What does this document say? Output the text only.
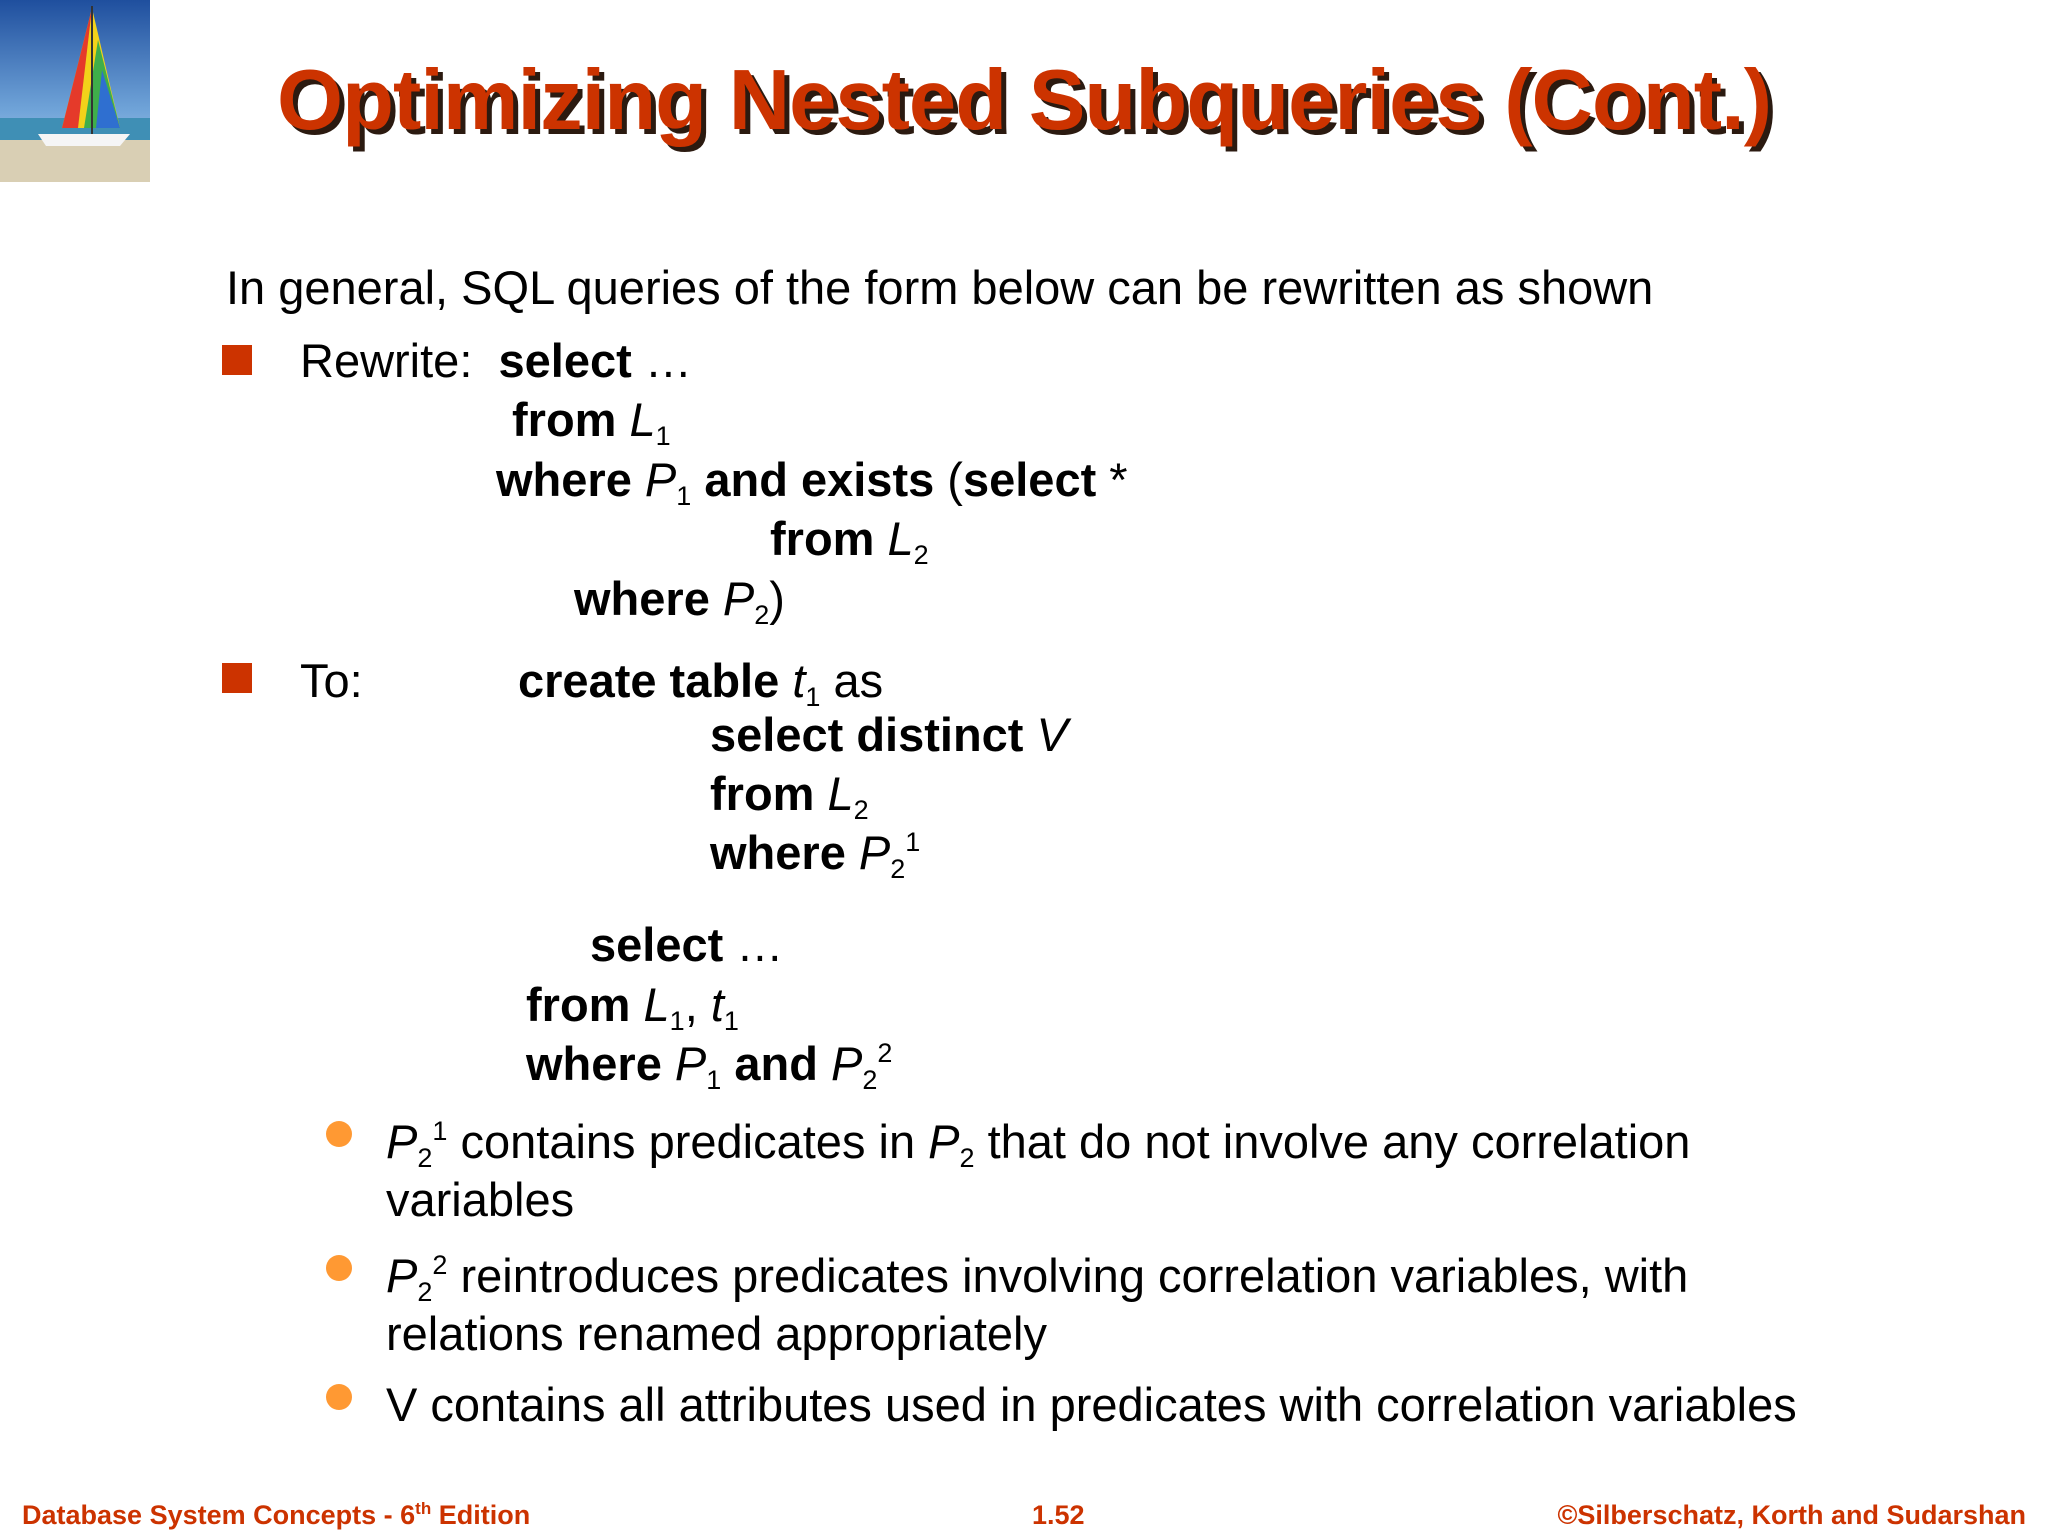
Optimizing Nested Subqueries (Cont.)
In general, SQL queries of the form below can be rewritten as shown
Rewrite: select …
from $L_1$
where $P_1$ and exists (select *
from $L_2$
where $P_2$)
To:	create table $t_1$ as
select distinct V
from $L_2$
where $P_2^1$
select …
from $L_1$, $t_1$
where $P_1$ and $P_2^2$
$P_2^1$ contains predicates in $P_2$ that do not involve any correlation
variables
$P_2^2$ reintroduces predicates involving correlation variables, with
relations renamed appropriately
V contains all attributes used in predicates with correlation variables
Database System Concepts - 6th Edition	1.52	©Silberschatz, Korth and Sudarshan
